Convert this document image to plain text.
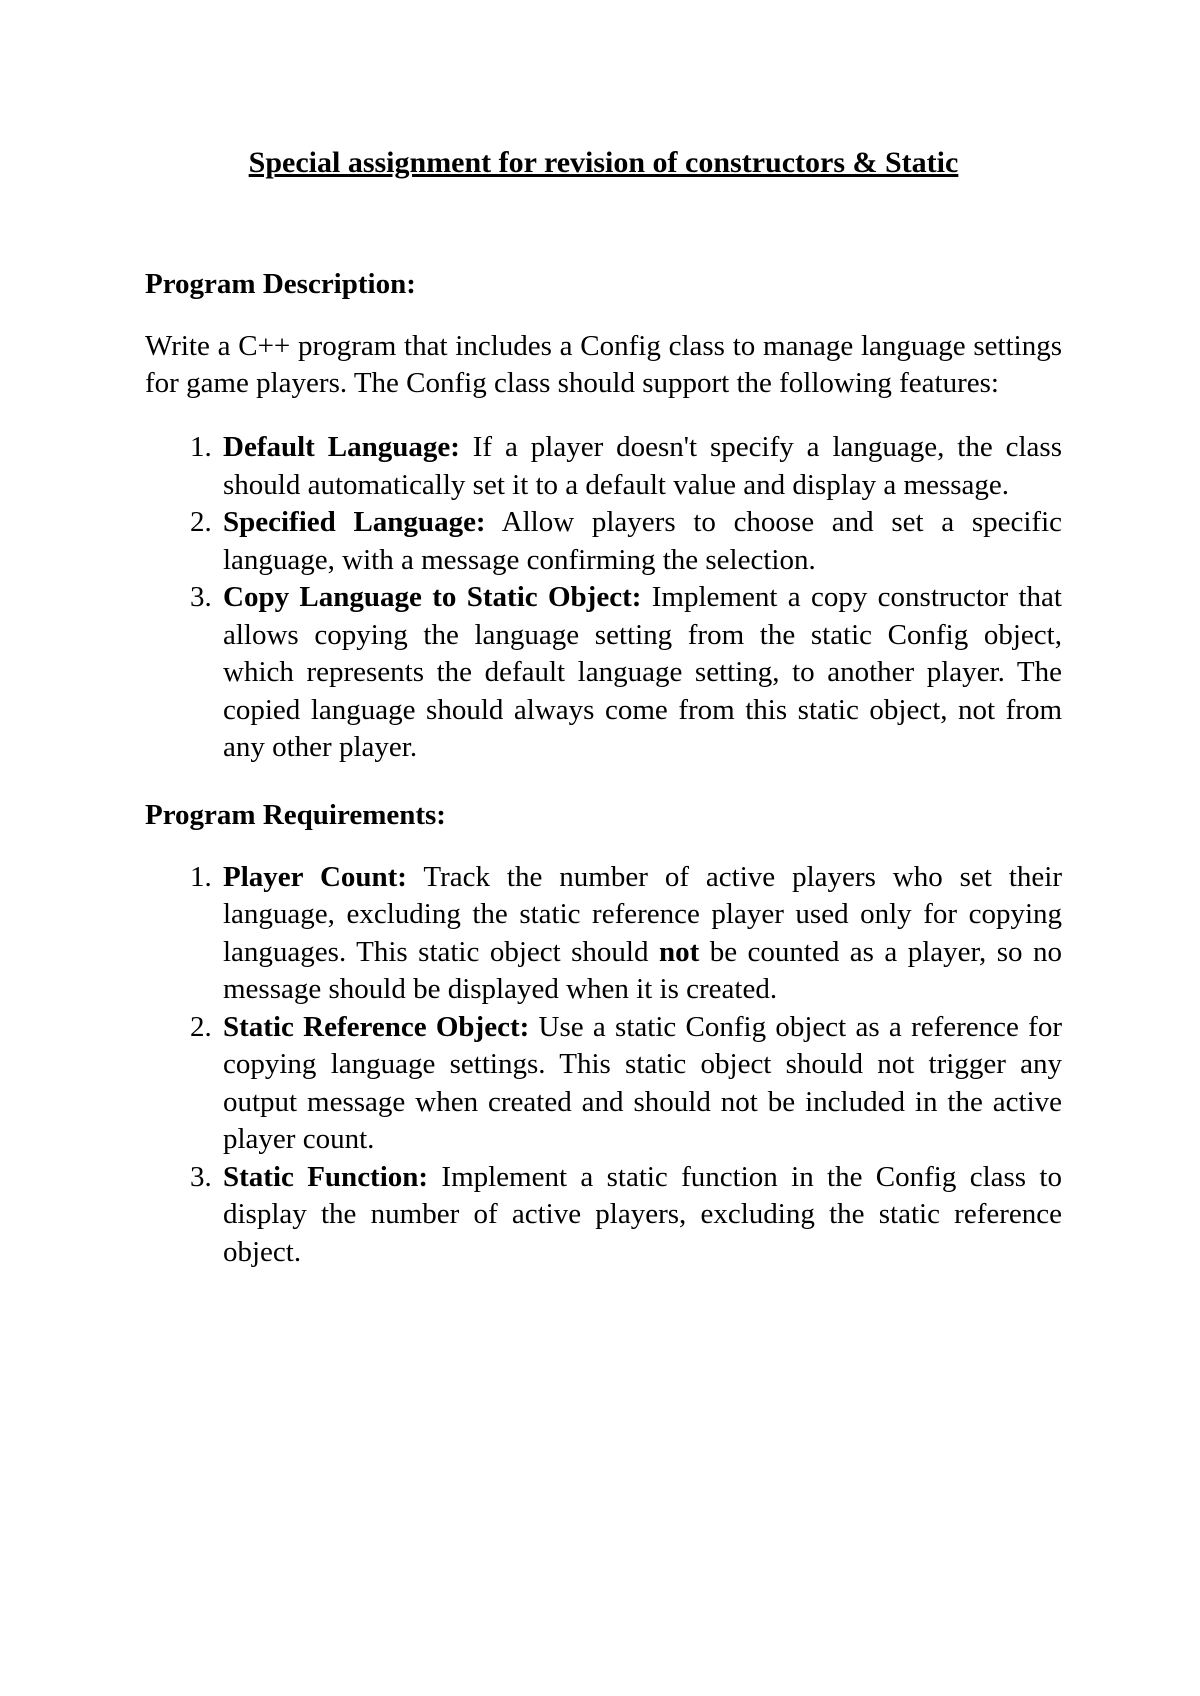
Special assignment for revision of constructors & Static
Program Description:

Write a C++ program that includes a Config class to manage language settings for game players. The Config class should support the following features:

1. Default Language: If a player doesn't specify a language, the class should automatically set it to a default value and display a message.
2. Specified Language: Allow players to choose and set a specific language, with a message confirming the selection.
3. Copy Language to Static Object: Implement a copy constructor that allows copying the language setting from the static Config object, which represents the default language setting, to another player. The copied language should always come from this static object, not from any other player.
Program Requirements:
1. Player Count: Track the number of active players who set their language, excluding the static reference player used only for copying languages. This static object should not be counted as a player, so no message should be displayed when it is created.
2. Static Reference Object: Use a static Config object as a reference for copying language settings. This static object should not trigger any output message when created and should not be included in the active player count.
3. Static Function: Implement a static function in the Config class to display the number of active players, excluding the static reference object.
